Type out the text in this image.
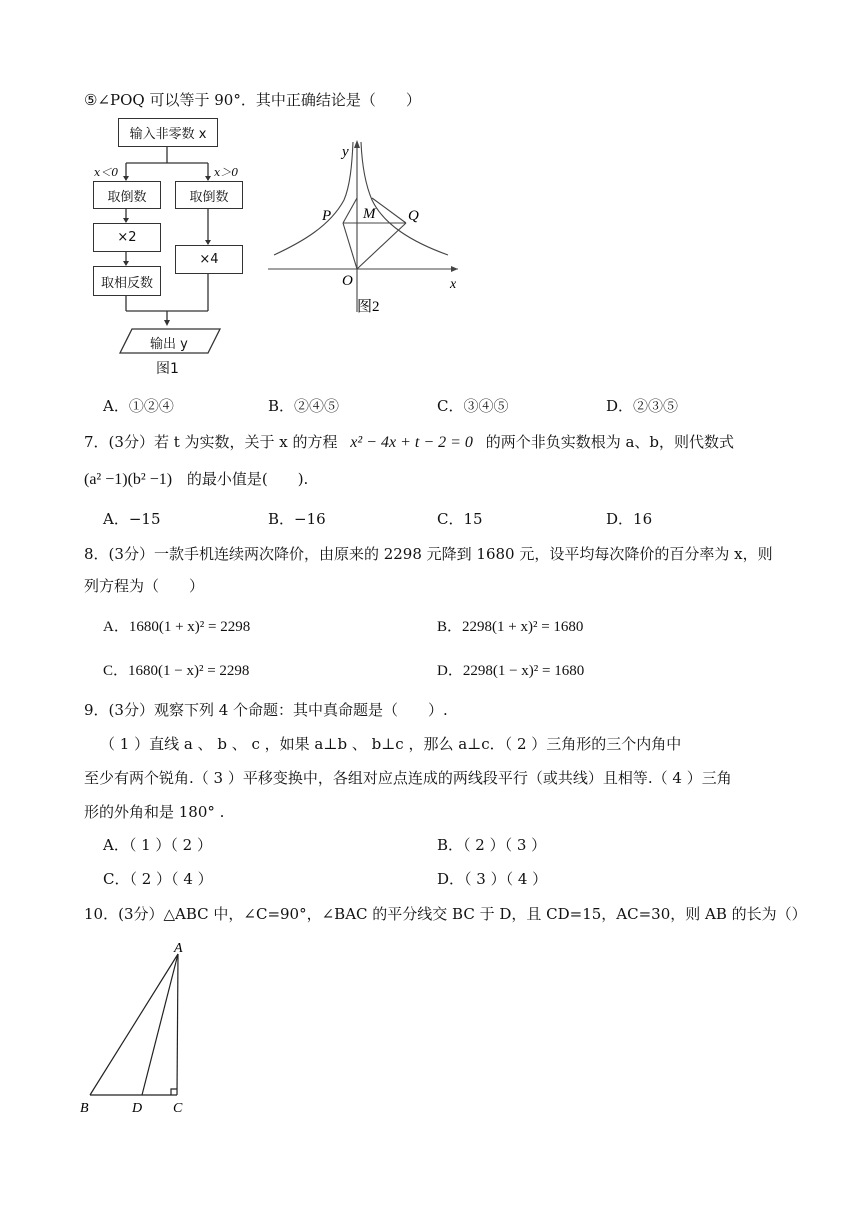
⑤∠POQ 可以等于 90°．其中正确结论是（　　）
输入非零数 x
x＜0	x＞0
取倒数	取倒数
×2
×4
取相反数
输出 y
图1
y
x
P M Q
O
图2
A．①②④	B．②④⑤	C．③④⑤	D．②③⑤
7．(3分）若 t 为实数，关于 x 的方程 x² − 4x + t − 2 = 0 的两个非负实数根为 a、b，则代数式
(a² −1)(b² −1) 的最小值是(　　).
A．−15	B．−16	C．15	D．16
8．(3分）一款手机连续两次降价，由原来的 2298 元降到 1680 元，设平均每次降价的百分率为 x，则
列方程为（　　）
A．1680(1 + x)² = 2298	B．2298(1 + x)² = 1680
C．1680(1 − x)² = 2298	D．2298(1 − x)² = 1680
9．(3分）观察下列 4 个命题：其中真命题是（　　）.
（ 1 ）直线 a 、 b 、 c ，如果 a⊥b 、 b⊥c ，那么 a⊥c．（ 2 ）三角形的三个内角中
至少有两个锐角.（ 3 ）平移变换中，各组对应点连成的两线段平行（或共线）且相等.（ 4 ）三角
形的外角和是 180° .
A．（ 1 ）（ 2 ）	B．（ 2 ）（ 3 ）
C．（ 2 ）（ 4 ）	D．（ 3 ）（ 4 ）
10．(3分）△ABC 中，∠C=90°，∠BAC 的平分线交 BC 于 D，且 CD=15，AC=30，则 AB 的长为（）
A
B	D C
